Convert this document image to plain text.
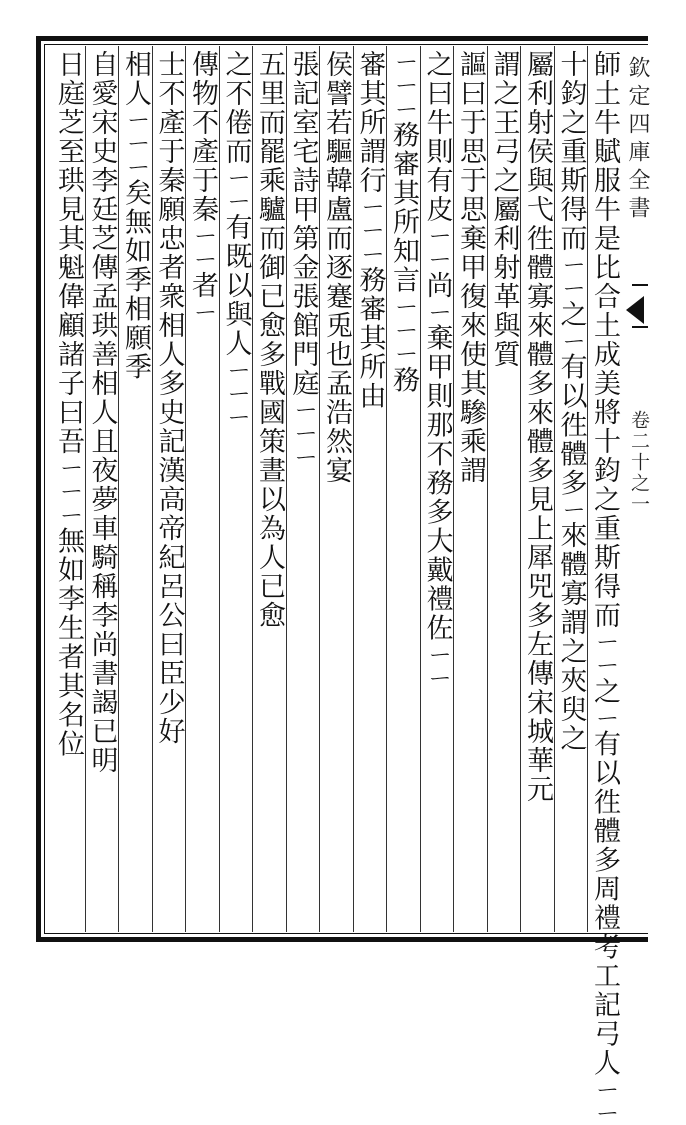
欽定四庫全書
卷二十之一
師土牛賦服牛是比合土成美將十鈞之重斯得而ㄧㄧ之ㄧ有以徃體多周禮考工記弓人ㄧㄧ
十鈞之重斯得而ㄧㄧ之ㄧ有以徃體多ㄧ來體寡謂之夾臾之
屬利射侯與弋徃體寡來體多來體多見上犀兕多左傳宋城華元
謂之王弓之屬利射革與質
謳曰于思于思棄甲復來使其驂乘謂
之曰牛則有皮ㄧㄧ尚ㄧ棄甲則那不務多大戴禮佐ㄧㄧ
ㄧㄧㄧ務審其所知言ㄧㄧㄧ務
審其所謂行ㄧㄧㄧ務審其所由
侯譬若驅韓盧而逐蹇兎也孟浩然宴
張記室宅詩甲第金張館門庭ㄧㄧㄧ
五里而罷乘驢而御已愈多戰國策晝以為人已愈
之不倦而ㄧㄧ有既以與人ㄧㄧㄧ
傳物不產于秦ㄧㄧ者ㄧ
士不產于秦願忠者衆相人多史記漢高帝紀呂公曰臣少好
相人ㄧㄧㄧ矣無如季相願季
自愛宋史李廷芝傳孟珙善相人且夜夢車騎稱李尚書謁已明
日庭芝至珙見其魁偉顧諸子曰吾ㄧㄧㄧ無如李生者其名位
